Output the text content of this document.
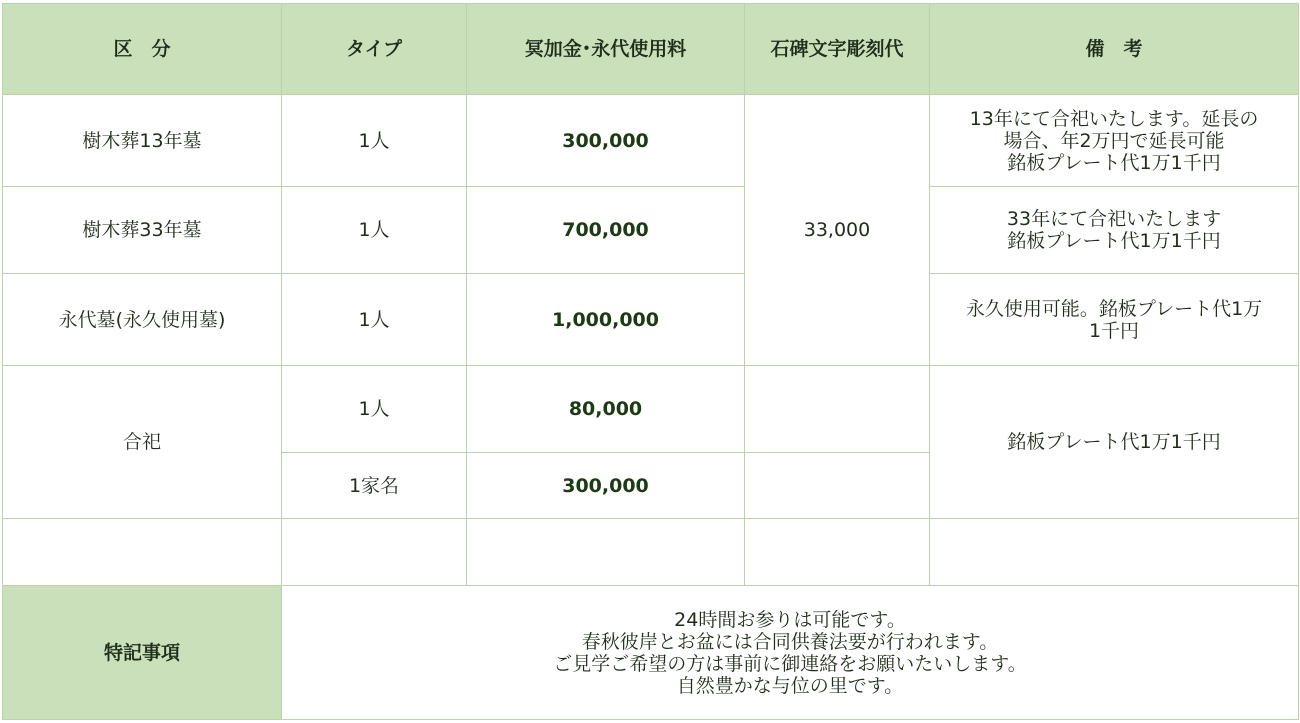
区　分	タイプ	冥加金･永代使用料	石碑文字彫刻代	備　考
樹木葬13年墓	1人	300,000	33,000	13年にて合祀いたします。延長の
場合、年2万円で延長可能
銘板プレート代1万1千円

樹木葬33年墓	1人	700,000		33年にて合祀いたします
銘板プレート代1万1千円

永代墓(永久使用墓)	1人	1,000,000		永久使用可能。銘板プレート代1万
1千円

合祀	1人	80,000		銘板プレート代1万1千円
	1家名	300,000		

特記事項	24時間お参りは可能です。
春秋彼岸とお盆には合同供養法要が行われます。
ご見学ご希望の方は事前に御連絡をお願いたいします。
自然豊かな与位の里です。			
